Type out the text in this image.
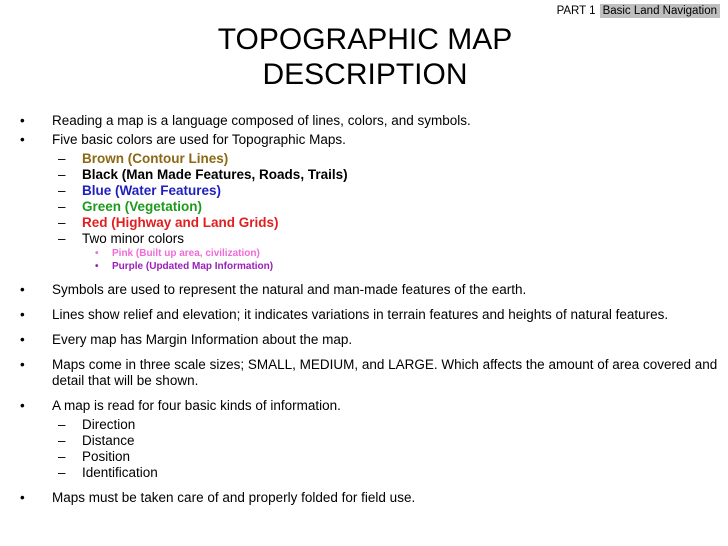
PART 1 Basic Land Navigation
TOPOGRAPHIC MAP
DESCRIPTION
• Reading a map is a language composed of lines, colors, and symbols.
• Five basic colors are used for Topographic Maps.
– Brown (Contour Lines)
– Black (Man Made Features, Roads, Trails)
– Blue (Water Features)
– Green (Vegetation)
– Red (Highway and Land Grids)
– Two minor colors
• Pink (Built up area, civilization)
• Purple (Updated Map Information)
• Symbols are used to represent the natural and man-made features of the earth.
• Lines show relief and elevation; it indicates variations in terrain features and heights of natural features.
• Every map has Margin Information about the map.
• Maps come in three scale sizes; SMALL, MEDIUM, and LARGE. Which affects the amount of area covered and detail that will be shown.
• A map is read for four basic kinds of information.
– Direction
– Distance
– Position
– Identification
• Maps must be taken care of and properly folded for field use.
